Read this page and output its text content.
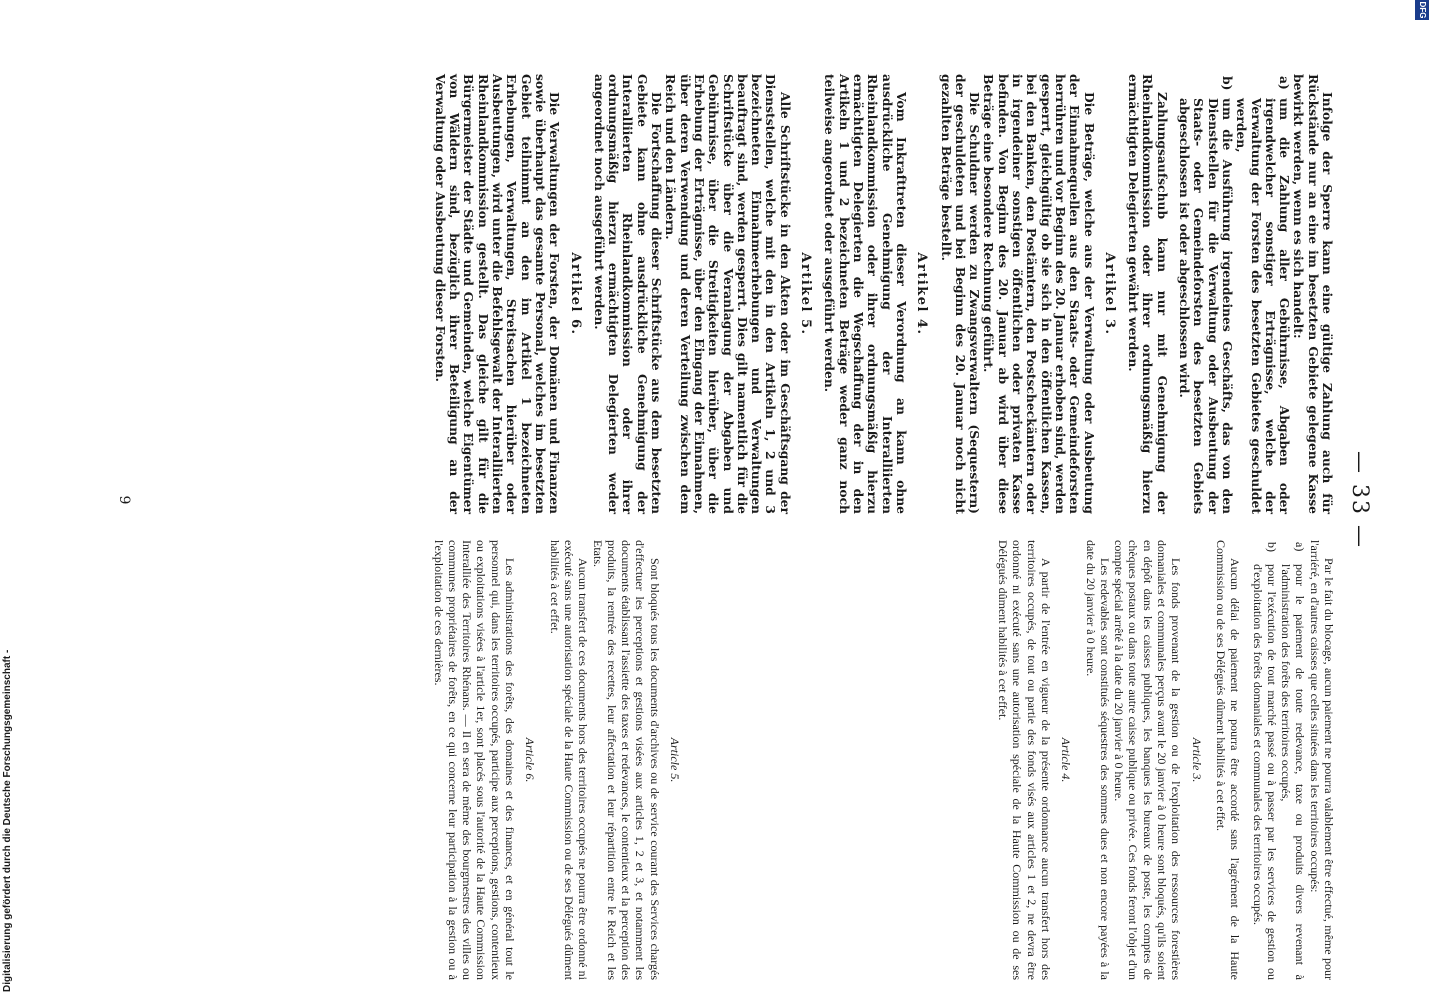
— 33 —

Infolge der Sperre kann eine gültige Zahlung auch für Rückstände nur an eine im besetzten Gebiete gelegene Kasse bewirkt werden, wenn es sich handelt:

a)
um die Zahlung aller Gebührnisse, Abgaben oder irgendwelcher sonstiger Erträgnisse, welche der Verwaltung der Forsten des besetzten Gebietes geschuldet werden,

b)
um die Ausführung irgendeines Geschäfts, das von den Dienststellen für die Verwaltung oder Ausbeutung der Staats- oder Gemeindeforsten des besetzten Gebiets abgeschlossen ist oder abgeschlossen wird.

Zahlungsaufschub kann nur mit Genehmigung der Rheinlandkommission oder ihrer ordnungsmäßig hierzu ermächtigten Delegierten gewährt werden.

Artikel 3.

Die Beträge, welche aus der Verwaltung oder Ausbeutung der Einnahmequellen aus den Staats- oder Gemeindeforsten herrühren und vor Beginn des 20. Januar erhoben sind, werden gesperrt, gleichgültig ob sie sich in den öffentlichen Kassen, bei den Banken, den Postämtern, den Postscheckämtern oder in irgendeiner sonstigen öffentlichen oder privaten Kasse befinden. Von Beginn des 20. Januar ab wird über diese Beträge eine besondere Rechnung geführt.

Die Schuldner werden zu Zwangsverwaltern (Sequestern) der geschuldeten und bei Beginn des 20. Januar noch nicht gezahlten Beträge bestellt.

Artikel 4.

Vom Inkrafttreten dieser Verordnung an kann ohne ausdrückliche Genehmigung der Interalliierten Rheinlandkommission oder ihrer ordnungsmäßig hierzu ermächtigten Delegierten die Wegschaffung der in den Artikeln 1 und 2 bezeichneten Beträge weder ganz noch teilweise angeordnet oder ausgeführt werden.

Artikel 5.

Alle Schriftstücke in den Akten oder im Geschäftsgang der Dienststellen, welche mit den in den Artikeln 1, 2 und 3 bezeichneten Einnahmeerhebungen und Verwaltungen beauftragt sind, werden gesperrt. Dies gilt namentlich für die Schriftstücke über die Veranlagung der Abgaben und Gebührnisse, über die Streitigkeiten hierüber, über die Erhebung der Erträgnisse, über den Eingang der Einnahmen, über deren Verwendung und deren Verteilung zwischen dem Reich und den Ländern.

Die Fortschaffung dieser Schriftstücke aus dem besetzten Gebiete kann ohne ausdrückliche Genehmigung der Interalliierten Rheinlandkommission oder ihrer ordnungsmäßig hierzu ermächtigten Delegierten weder angeordnet noch ausgeführt werden.

Artikel 6.

Die Verwaltungen der Forsten, der Domänen und Finanzen sowie überhaupt das gesamte Personal, welches im besetzten Gebiet teilnimmt an den im Artikel 1 bezeichneten Erhebungen, Verwaltungen, Streitsachen hierüber oder Ausbeutungen, wird unter die Befehlsgewalt der Interalliierten Rheinlandkommission gestellt. Das gleiche gilt für die Bürgermeister der Städte und Gemeinden, welche Eigentümer von Wäldern sind, bezüglich ihrer Beteiligung an der Verwaltung oder Ausbeutung dieser Forsten.

Par le fait du blocage, aucun paiement ne pourra valablement être effectué, même pour l'arriéré, en d'autres caisses que celles situées dans les territoires occupés:

a)
pour le paiement de toute redevance, taxe ou produits divers revenant à l'administration des forêts des territoires occupés,

b)
pour l'exécution de tout marché passé ou à passer par les services de gestion ou d'exploitation des forêts domaniales et communales des territoires occupés.

Aucun délai de paiement ne pourra être accordé sans l'agrément de la Haute Commission ou de ses Délégués dûment habilités à cet effet.

Article 3.

Les fonds provenant de la gestion ou de l'exploitation des ressources forestières domaniales et communales perçus avant le 20 janvier à 0 heure sont bloqués, qu'ils soient en dépôt dans les caisses publiques, les banques les bureaux de poste, les comptes de chèques postaux ou dans toute autre caisse publique ou privée. Ces fonds feront l'objet d'un compte spécial arrêté à la date du 20 janvier à 0 heure.

Les redevables sont constitués séquestres des sommes dues et non encore payées à la date du 20 janvier à 0 heure.

Article 4.

A partir de l'entrée en vigueur de la présente ordonnance aucun transfert hors des territoires occupés, de tout ou partie des fonds visés aux articles 1 et 2, ne devra être ordonné ni exécuté sans une autorisation spéciale de la Haute Commission ou de ses Délégués dûment habilités à cet effet.

Article 5.

Sont bloqués tous les documents d'archives ou de service courant des Services chargés d'effectuer les perceptions et gestions visées aux articles 1, 2 et 3, et notamment les documents établissant l'assiette des taxes et redevances, le contentieux et la perception des produits, la rentrée des recettes, leur affectation et leur répartition entre le Reich et les Etats.

Aucun transfert de ces documents hors des territoires occupés ne pourra être ordonné ni exécuté sans une autorisation spéciale de la Haute Commission ou de ses Délégués dûment habilités à cet effet.

Article 6.

Les administrations des forêts, des domaines et des finances, et en général tout le personnel qui, dans les territoires occupés, participe aux perceptions, gestions, contentieux ou exploitations visées à l'article 1er, sont placés sous l'autorité de la Haute Commission Interalliée des Territoires Rhénans. — Il en sera de même des bourgmestres des villes ou communes propriétaires de forêts, en ce qui concerne leur participation à la gestion ou à l'exploitation de ces dernières.

9
DFG
Digitalisierung gefördert durch die Deutsche Forschungsgemeinschaft -
